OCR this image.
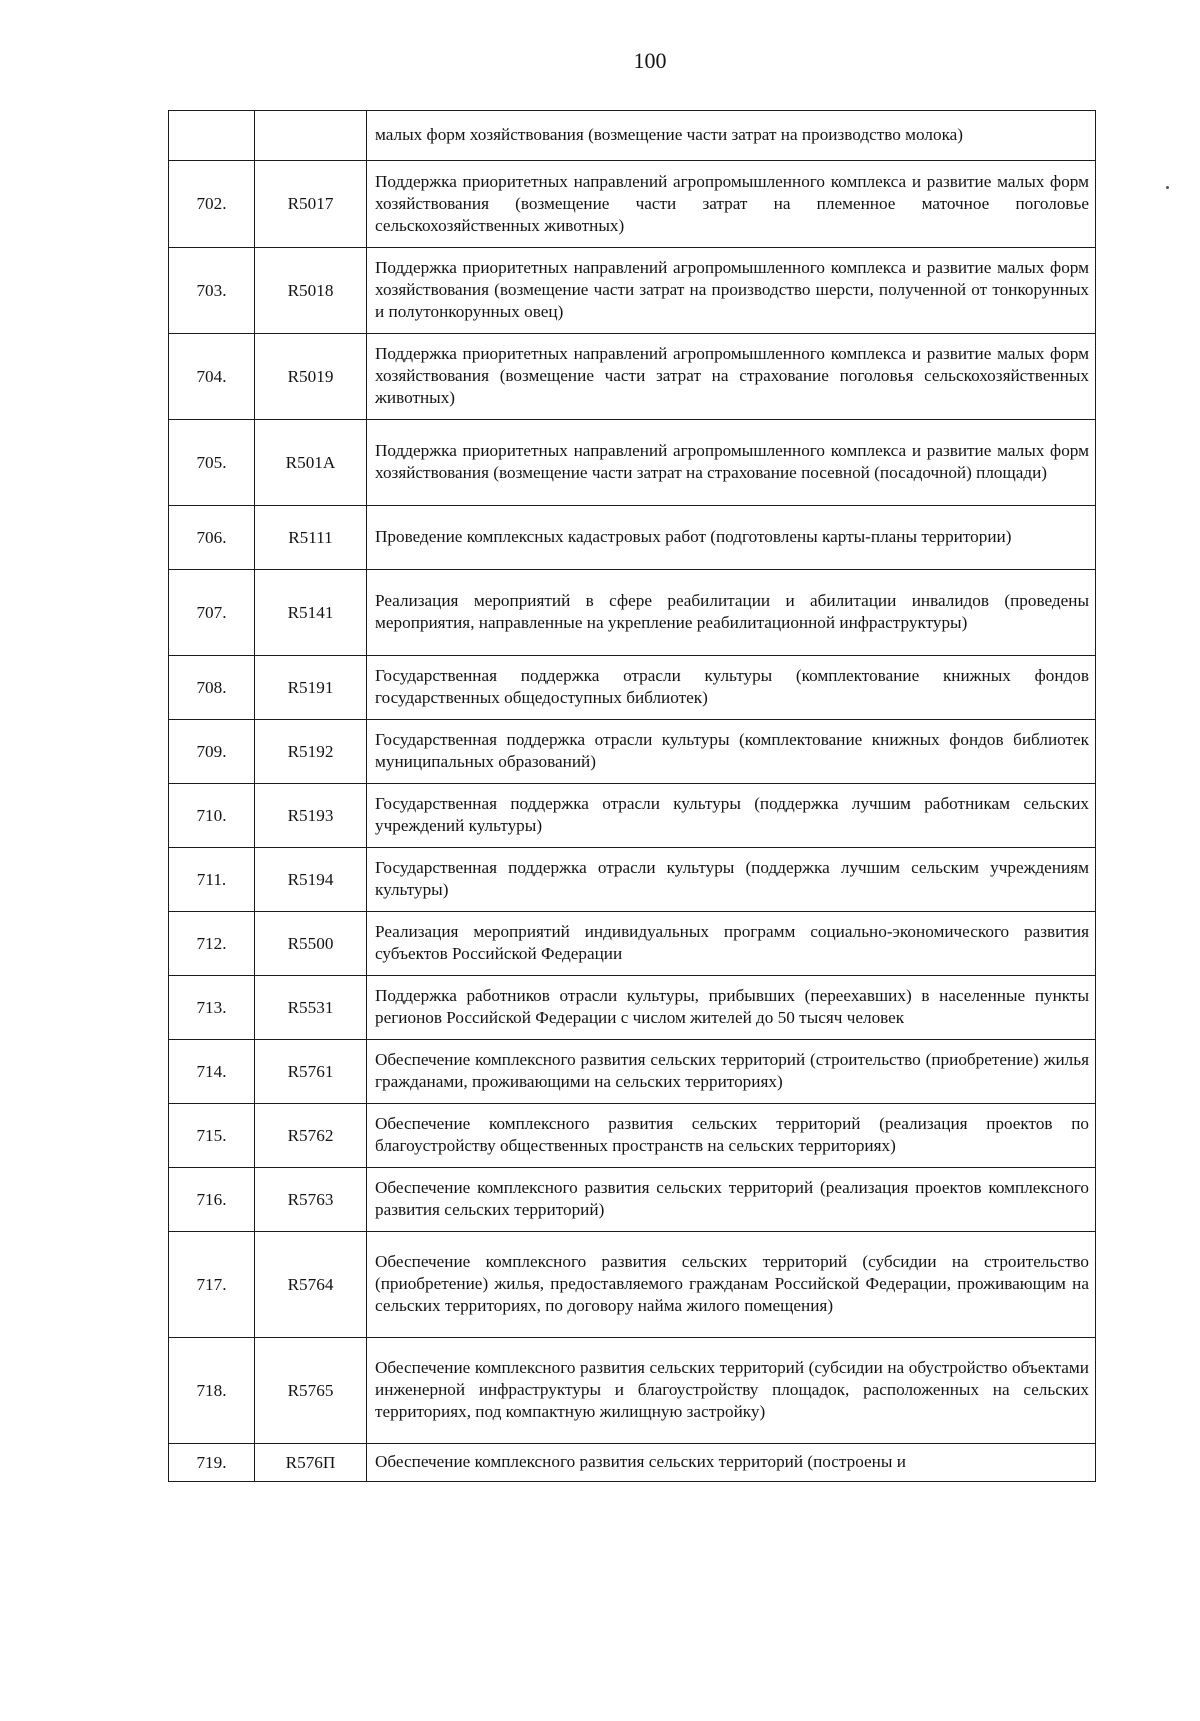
100
		малых форм хозяйствования (возмещение части затрат на производство молока)
702.	R5017	Поддержка приоритетных направлений агропромышленного комплекса и развитие малых форм хозяйствования (возмещение части затрат на племенное маточное поголовье сельскохозяйственных животных)
703.	R5018	Поддержка приоритетных направлений агропромышленного комплекса и развитие малых форм хозяйствования (возмещение части затрат на производство шерсти, полученной от тонкорунных и полутонкорунных овец)
704.	R5019	Поддержка приоритетных направлений агропромышленного комплекса и развитие малых форм хозяйствования (возмещение части затрат на страхование поголовья сельскохозяйственных животных)
705.	R501A	Поддержка приоритетных направлений агропромышленного комплекса и развитие малых форм хозяйствования (возмещение части затрат на страхование посевной (посадочной) площади)
706.	R5111	Проведение комплексных кадастровых работ (подготовлены карты-планы территории)
707.	R5141	Реализация мероприятий в сфере реабилитации и абилитации инвалидов (проведены мероприятия, направленные на укрепление реабилитационной инфраструктуры)
708.	R5191	Государственная поддержка отрасли культуры (комплектование книжных фондов государственных общедоступных библиотек)
709.	R5192	Государственная поддержка отрасли культуры (комплектование книжных фондов библиотек муниципальных образований)
710.	R5193	Государственная поддержка отрасли культуры (поддержка лучшим работникам сельских учреждений культуры)
711.	R5194	Государственная поддержка отрасли культуры (поддержка лучшим сельским учреждениям культуры)
712.	R5500	Реализация мероприятий индивидуальных программ социально-экономического развития субъектов Российской Федерации
713.	R5531	Поддержка работников отрасли культуры, прибывших (переехавших) в населенные пункты регионов Российской Федерации с числом жителей до 50 тысяч человек
714.	R5761	Обеспечение комплексного развития сельских территорий (строительство (приобретение) жилья гражданами, проживающими на сельских территориях)
715.	R5762	Обеспечение комплексного развития сельских территорий (реализация проектов по благоустройству общественных пространств на сельских территориях)
716.	R5763	Обеспечение комплексного развития сельских территорий (реализация проектов комплексного развития сельских территорий)
717.	R5764	Обеспечение комплексного развития сельских территорий (субсидии на строительство (приобретение) жилья, предоставляемого гражданам Российской Федерации, проживающим на сельских территориях, по договору найма жилого помещения)
718.	R5765	Обеспечение комплексного развития сельских территорий (субсидии на обустройство объектами инженерной инфраструктуры и благоустройству площадок, расположенных на сельских территориях, под компактную жилищную застройку)
719.	R576П	Обеспечение комплексного развития сельских территорий (построены и
